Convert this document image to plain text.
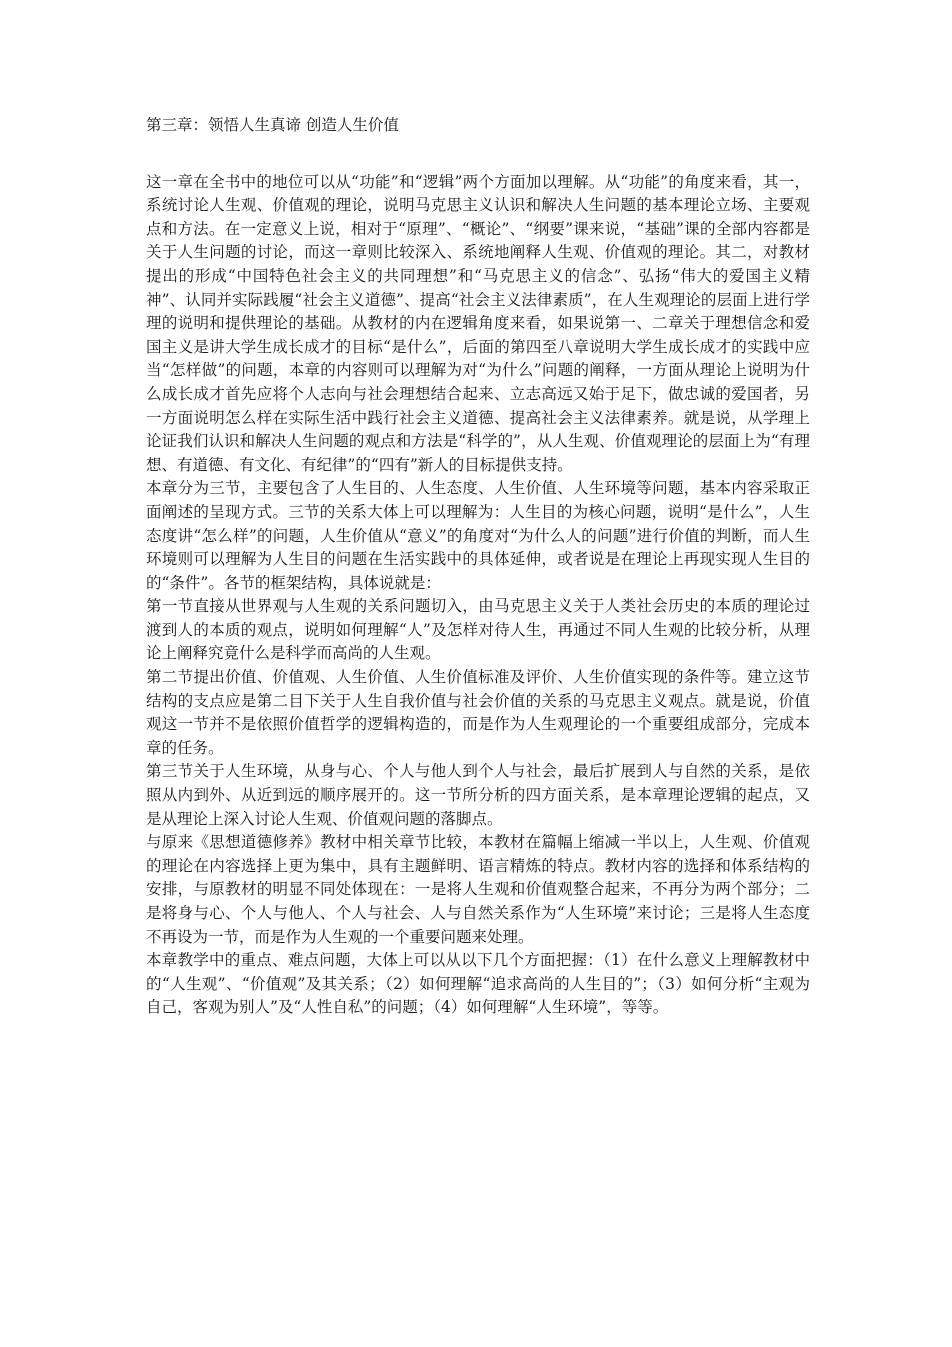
第三章：领悟人生真谛 创造人生价值

这一章在全书中的地位可以从“功能”和“逻辑”两个方面加以理解。从“功能”的角度来看，其一，系统讨论人生观、价值观的理论，说明马克思主义认识和解决人生问题的基本理论立场、主要观点和方法。在一定意义上说，相对于“原理”、“概论”、“纲要”课来说，“基础”课的全部内容都是关于人生问题的讨论，而这一章则比较深入、系统地阐释人生观、价值观的理论。其二，对教材提出的形成“中国特色社会主义的共同理想”和“马克思主义的信念”、弘扬“伟大的爱国主义精神”、认同并实际践履“社会主义道德”、提高“社会主义法律素质”，在人生观理论的层面上进行学理的说明和提供理论的基础。从教材的内在逻辑角度来看，如果说第一、二章关于理想信念和爱国主义是讲大学生成长成才的目标“是什么”，后面的第四至八章说明大学生成长成才的实践中应当“怎样做”的问题，本章的内容则可以理解为对“为什么”问题的阐释，一方面从理论上说明为什么成长成才首先应将个人志向与社会理想结合起来、立志高远又始于足下，做忠诚的爱国者，另一方面说明怎么样在实际生活中践行社会主义道德、提高社会主义法律素养。就是说，从学理上论证我们认识和解决人生问题的观点和方法是“科学的”，从人生观、价值观理论的层面上为“有理想、有道德、有文化、有纪律”的“四有”新人的目标提供支持。

本章分为三节，主要包含了人生目的、人生态度、人生价值、人生环境等问题，基本内容采取正面阐述的呈现方式。三节的关系大体上可以理解为：人生目的为核心问题，说明“是什么”，人生态度讲“怎么样”的问题，人生价值从“意义”的角度对“为什么人的问题”进行价值的判断，而人生环境则可以理解为人生目的问题在生活实践中的具体延伸，或者说是在理论上再现实现人生目的的“条件”。各节的框架结构，具体说就是：

第一节直接从世界观与人生观的关系问题切入，由马克思主义关于人类社会历史的本质的理论过渡到人的本质的观点，说明如何理解“人”及怎样对待人生，再通过不同人生观的比较分析，从理论上阐释究竟什么是科学而高尚的人生观。

第二节提出价值、价值观、人生价值、人生价值标准及评价、人生价值实现的条件等。建立这节结构的支点应是第二目下关于人生自我价值与社会价值的关系的马克思主义观点。就是说，价值观这一节并不是依照价值哲学的逻辑构造的，而是作为人生观理论的一个重要组成部分，完成本章的任务。

第三节关于人生环境，从身与心、个人与他人到个人与社会，最后扩展到人与自然的关系，是依照从内到外、从近到远的顺序展开的。这一节所分析的四方面关系，是本章理论逻辑的起点，又是从理论上深入讨论人生观、价值观问题的落脚点。

与原来《思想道德修养》教材中相关章节比较，本教材在篇幅上缩减一半以上，人生观、价值观的理论在内容选择上更为集中，具有主题鲜明、语言精炼的特点。教材内容的选择和体系结构的安排，与原教材的明显不同处体现在：一是将人生观和价值观整合起来，不再分为两个部分；二是将身与心、个人与他人、个人与社会、人与自然关系作为“人生环境”来讨论；三是将人生态度不再设为一节，而是作为人生观的一个重要问题来处理。

本章教学中的重点、难点问题，大体上可以从以下几个方面把握：（1）在什么意义上理解教材中的“人生观”、“价值观”及其关系；（2）如何理解“追求高尚的人生目的”；（3）如何分析“主观为自己，客观为别人”及“人性自私”的问题；（4）如何理解“人生环境”，等等。
